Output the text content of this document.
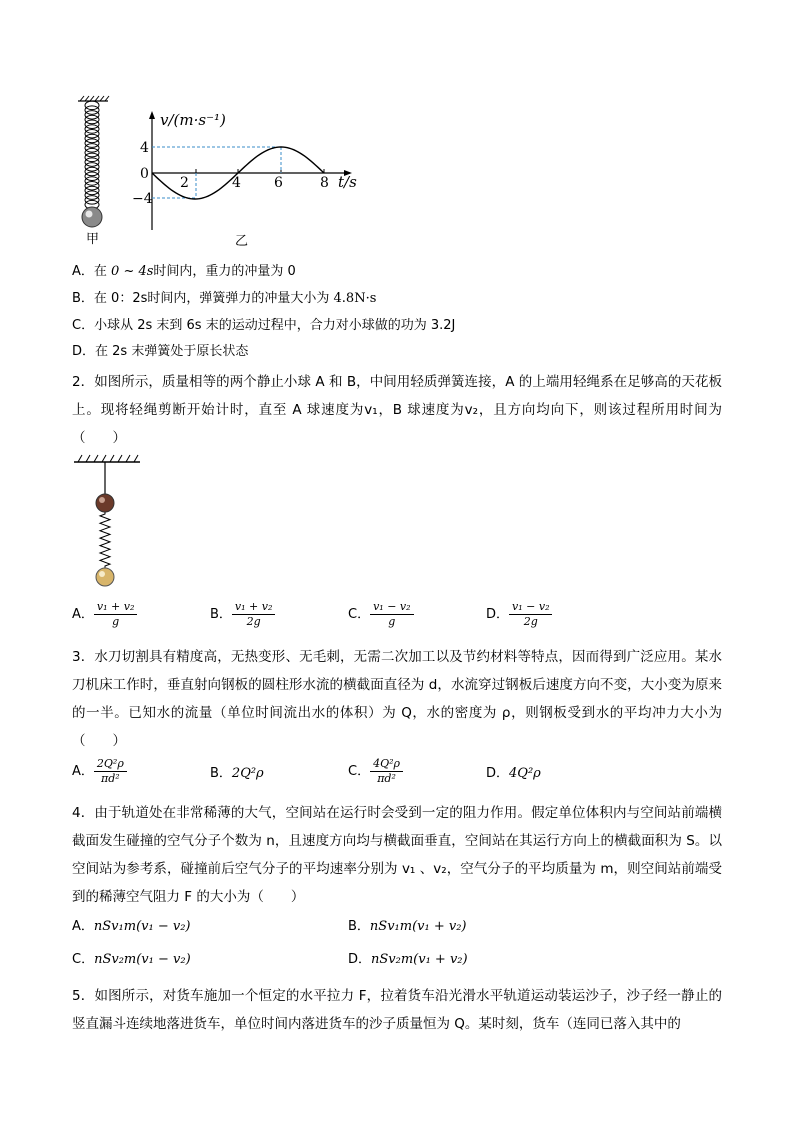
甲
v/(m·s⁻¹)
t/s
4
0
−4
2	4 6	8
乙
A．在 0 ~ 4s时间内，重力的冲量为 0
B．在 0：2s时间内，弹簧弹力的冲量大小为 4.8N·s
C．小球从 2s 末到 6s 末的运动过程中，合力对小球做的功为 3.2J
D．在 2s 末弹簧处于原长状态
2．如图所示，质量相等的两个静止小球 A 和 B，中间用轻质弹簧连接，A 的上端用轻绳系在足够高的天花板上。现将轻绳剪断开始计时，直至 A 球速度为v₁，B 球速度为v₂，且方向均向下，则该过程所用时间为（　　）
A． $\frac{\text{v₁ + v₂}}{g}$	B． $\frac{\text{v₁ + v₂}}{2g}$	C． $\frac{\text{v₁ − v₂}}{g}$	D． $\frac{\text{v₁ − v₂}}{2g}$
3．水刀切割具有精度高，无热变形、无毛刺，无需二次加工以及节约材料等特点，因而得到广泛应用。某水刀机床工作时，垂直射向钢板的圆柱形水流的横截面直径为 d，水流穿过钢板后速度方向不变，大小变为原来的一半。已知水的流量（单位时间流出水的体积）为 Q，水的密度为 ρ，则钢板受到水的平均冲力大小为（　　）
A． $\frac{\text{2Q²ρ}}{\text{πd²}}$	B．2Q²ρ	C． $\frac{\text{4Q²ρ}}{\text{πd²}}$	D．4Q²ρ
4．由于轨道处在非常稀薄的大气，空间站在运行时会受到一定的阻力作用。假定单位体积内与空间站前端横截面发生碰撞的空气分子个数为 n，且速度方向均与横截面垂直，空间站在其运行方向上的横截面积为 S。以空间站为参考系，碰撞前后空气分子的平均速率分别为 v₁ 、v₂，空气分子的平均质量为 m，则空间站前端受到的稀薄空气阻力 F 的大小为（　　）
A．nSv₁m(v₁ − v₂)	B．nSv₁m(v₁ + v₂)
C．nSv₂m(v₁ − v₂)	D．nSv₂m(v₁ + v₂)
5．如图所示，对货车施加一个恒定的水平拉力 F，拉着货车沿光滑水平轨道运动装运沙子，沙子经一静止的竖直漏斗连续地落进货车，单位时间内落进货车的沙子质量恒为 Q。某时刻，货车（连同已落入其中的
